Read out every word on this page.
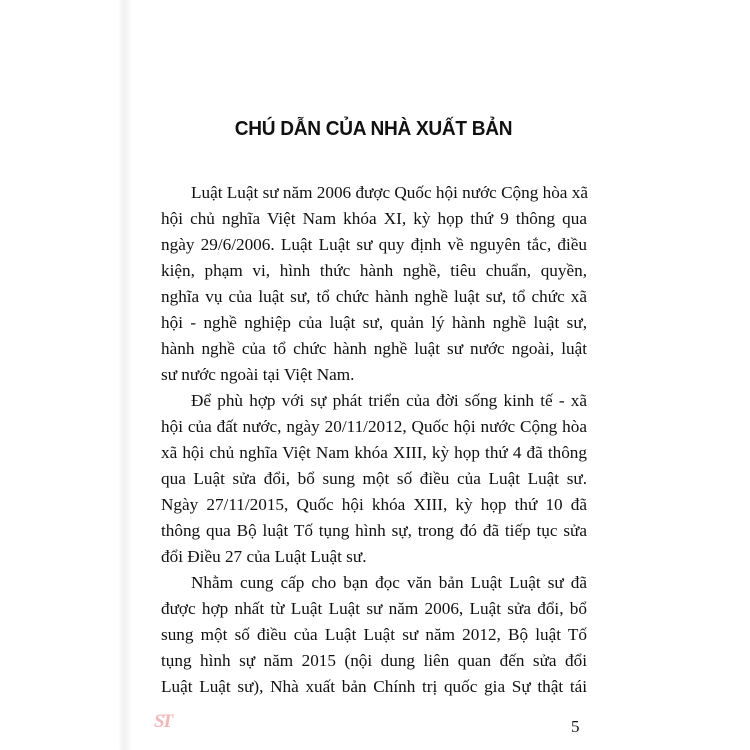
CHÚ DẪN CỦA NHÀ XUẤT BẢN
Luật Luật sư năm 2006 được Quốc hội nước Cộng hòa xã
hội chủ nghĩa Việt Nam khóa XI, kỳ họp thứ 9 thông qua
ngày 29/6/2006. Luật Luật sư quy định về nguyên tắc, điều
kiện, phạm vi, hình thức hành nghề, tiêu chuẩn, quyền,
nghĩa vụ của luật sư, tổ chức hành nghề luật sư, tổ chức xã
hội - nghề nghiệp của luật sư, quản lý hành nghề luật sư,
hành nghề của tổ chức hành nghề luật sư nước ngoài, luật
sư nước ngoài tại Việt Nam.
Để phù hợp với sự phát triển của đời sống kinh tế - xã
hội của đất nước, ngày 20/11/2012, Quốc hội nước Cộng hòa
xã hội chủ nghĩa Việt Nam khóa XIII, kỳ họp thứ 4 đã thông
qua Luật sửa đổi, bổ sung một số điều của Luật Luật sư.
Ngày 27/11/2015, Quốc hội khóa XIII, kỳ họp thứ 10 đã
thông qua Bộ luật Tố tụng hình sự, trong đó đã tiếp tục sửa
đổi Điều 27 của Luật Luật sư.
Nhằm cung cấp cho bạn đọc văn bản Luật Luật sư đã
được hợp nhất từ Luật Luật sư năm 2006, Luật sửa đổi, bổ
sung một số điều của Luật Luật sư năm 2012, Bộ luật Tố
tụng hình sự năm 2015 (nội dung liên quan đến sửa đổi
Luật Luật sư), Nhà xuất bản Chính trị quốc gia Sự thật tái
ST	5
